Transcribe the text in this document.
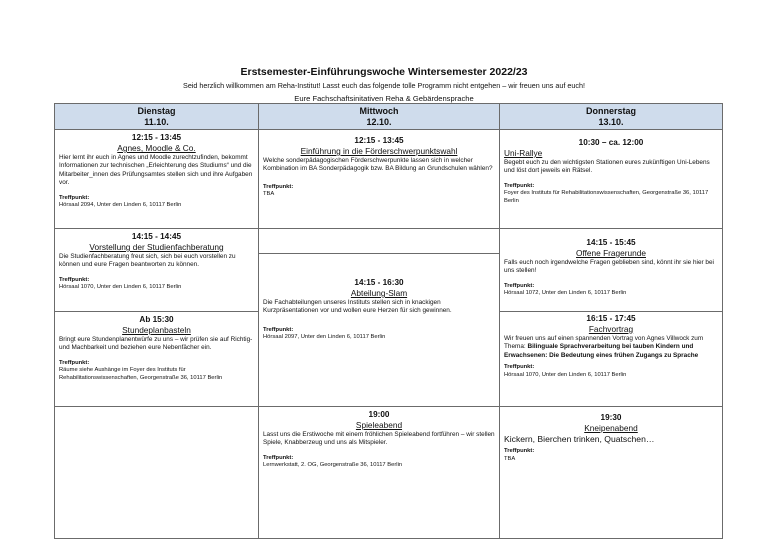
Erstsemester-Einführungswoche Wintersemester 2022/23
Seid herzlich willkommen am Reha-Institut! Lasst euch das folgende tolle Programm nicht entgehen – wir freuen uns auf euch!
Eure Fachschaftsinitativen Reha & Gebärdensprache
Dienstag
11.10.
Mittwoch
12.10.
Donnerstag
13.10.
12:15 - 13:45
Agnes, Moodle & Co.
Hier lernt ihr euch in Agnes und Moodle zurechtzufinden, bekommt Informationen zur technischen „Erleichterung des Studiums“ und die Mitarbeiter_innen des Prüfungsamtes stellen sich und ihre Aufgaben vor.
Treffpunkt:
Hörsaal 2094, Unter den Linden 6, 10117 Berlin
14:15 - 14:45
Vorstellung der Studienfachberatung
Die Studienfachberatung freut sich, sich bei euch vorstellen zu können und eure Fragen beantworten zu können.
Treffpunkt:
Hörsaal 1070, Unter den Linden 6, 10117 Berlin
Ab 15:30
Stundeplanbasteln
Bringt eure Stundenplanentwürfe zu uns – wir prüfen sie auf Richtig- und Machbarkeit und beziehen eure Nebenfächer ein.
Treffpunkt:
Räume siehe Aushänge im Foyer des Instituts für Rehabilitationswissenschaften, Georgenstraße 36, 10117 Berlin
12:15 - 13:45
Einführung in die Förderschwerpunktswahl
Welche sonderpädagogischen Förderschwerpunkte lassen sich in welcher Kombination im BA Sonderpädagogik bzw. BA Bildung an Grundschulen wählen?
Treffpunkt:
TBA
14:15 - 16:30
Abteilung-Slam
Die Fachabteilungen unseres Instituts stellen sich in knackigen Kurzpräsentationen vor und wollen eure Herzen für sich gewinnen.
Treffpunkt:
Hörsaal 2097, Unter den Linden 6, 10117 Berlin
19:00
Spieleabend
Lasst uns die Erstiwoche mit einem fröhlichen Spieleabend fortführen – wir stellen Spiele, Knabberzeug und uns als Mitspieler.
Treffpunkt:
Lernwerkstatt, 2. OG, Georgenstraße 36, 10117 Berlin
10:30 – ca. 12:00
Uni-Rallye
Begebt euch zu den wichtigsten Stationen eures zukünftigen Uni-Lebens und löst dort jeweils ein Rätsel.
Treffpunkt:
Foyer des Instituts für Rehabilitationswissenschaften, Georgenstraße 36, 10117 Berlin
14:15 - 15:45
Offene Fragerunde
Falls euch noch irgendwelche Fragen geblieben sind, könnt ihr sie hier bei uns stellen!
Treffpunkt:
Hörsaal 1072, Unter den Linden 6, 10117 Berlin
16:15 - 17:45
Fachvortrag
Wir freuen uns auf einen spannenden Vortrag von Agnes Villwock zum Thema: Bilinguale Sprachverarbeitung bei tauben Kindern und Erwachsenen: Die Bedeutung eines frühen Zugangs zu Sprache
Treffpunkt:
Hörsaal 1070, Unter den Linden 6, 10117 Berlin
19:30
Kneipenabend
Kickern, Bierchen trinken, Quatschen…
Treffpunkt:
TBA
